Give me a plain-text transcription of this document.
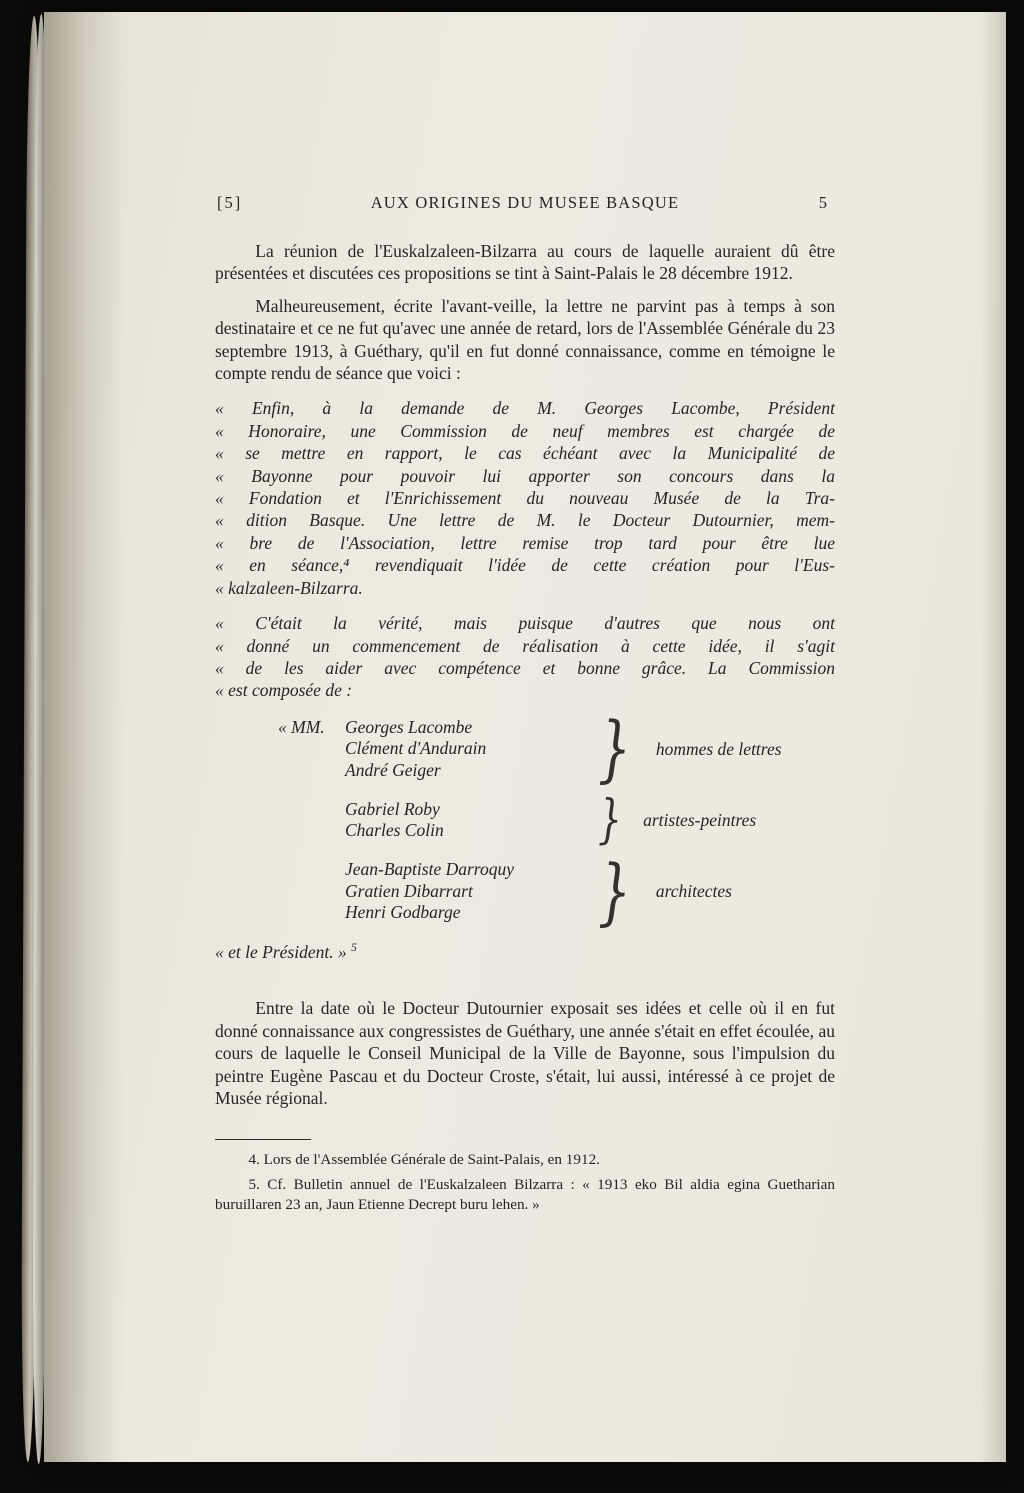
[5]	AUX ORIGINES DU MUSEE BASQUE	5

La réunion de l'Euskalzaleen-Bilzarra au cours de laquelle auraient dû être présentées et discutées ces propositions se tint à Saint-Palais le 28 décembre 1912.

Malheureusement, écrite l'avant-veille, la lettre ne parvint pas à temps à son destinataire et ce ne fut qu'avec une année de retard, lors de l'Assemblée Générale du 23 septembre 1913, à Guéthary, qu'il en fut donné connaissance, comme en témoigne le compte rendu de séance que voici :

« Enfin, à la demande de M. Georges Lacombe, Président
« Honoraire, une Commission de neuf membres est chargée de
« se mettre en rapport, le cas échéant avec la Municipalité de
« Bayonne pour pouvoir lui apporter son concours dans la
« Fondation et l'Enrichissement du nouveau Musée de la Tra-
« dition Basque. Une lettre de M. le Docteur Dutournier, mem-
« bre de l'Association, lettre remise trop tard pour être lue
« en séance,⁴ revendiquait l'idée de cette création pour l'Eus-
« kalzaleen-Bilzarra.
« C'était la vérité, mais puisque d'autres que nous ont
« donné un commencement de réalisation à cette idée, il s'agit
« de les aider avec compétence et bonne grâce. La Commission
« est composée de :
« MM. Georges Lacombe
Clément d'Andurain
André Geiger	} hommes de lettres
Gabriel Roby
Charles Colin	} artistes-peintres
Jean-Baptiste Darroquy
Gratien Dibarrart
Henri Godbarge	} architectes
« et le Président. » $^5$

Entre la date où le Docteur Dutournier exposait ses idées et celle où il en fut donné connaissance aux congressistes de Guéthary, une année s'était en effet écoulée, au cours de laquelle le Conseil Municipal de la Ville de Bayonne, sous l'impulsion du peintre Eugène Pascau et du Docteur Croste, s'était, lui aussi, intéressé à ce projet de Musée régional.

4. Lors de l'Assemblée Générale de Saint-Palais, en 1912.

5. Cf. Bulletin annuel de l'Euskalzaleen Bilzarra : « 1913 eko Bil aldia egina Guetharian buruillaren 23 an, Jaun Etienne Decrept buru lehen. »
